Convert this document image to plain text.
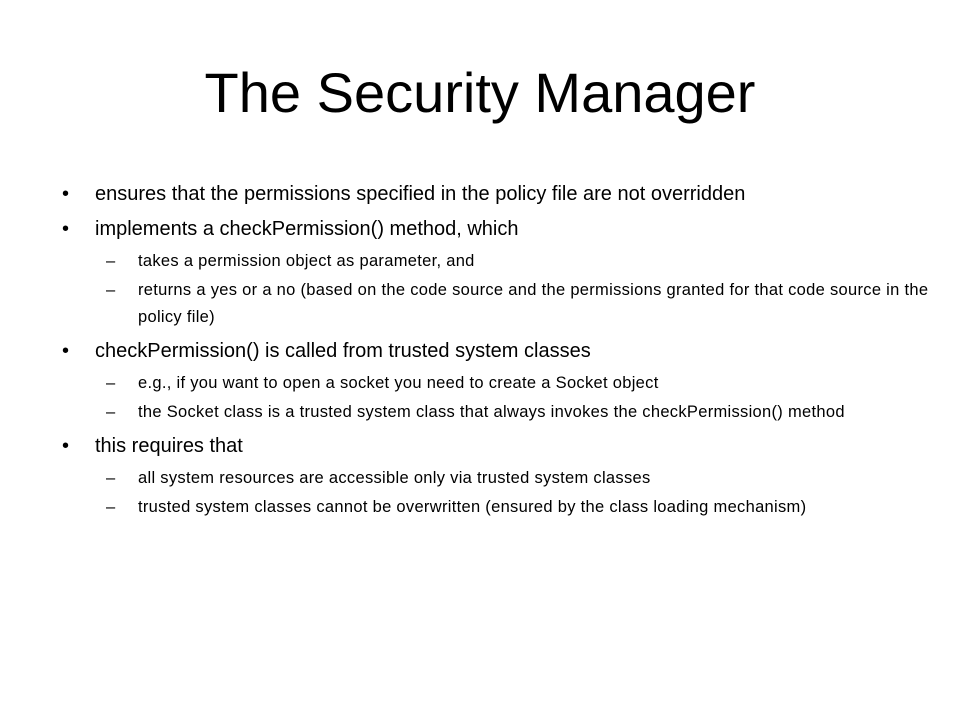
The Security Manager
• ensures that the permissions specified in the policy file are not overridden
• implements a checkPermission() method, which
– takes a permission object as parameter, and
– returns a yes or a no (based on the code source and the permissions granted for that code source in the policy file)
• checkPermission() is called from trusted system classes
– e.g., if you want to open a socket you need to create a Socket object
– the Socket class is a trusted system class that always invokes the checkPermission() method
• this requires that
– all system resources are accessible only via trusted system classes
– trusted system classes cannot be overwritten (ensured by the class loading mechanism)
